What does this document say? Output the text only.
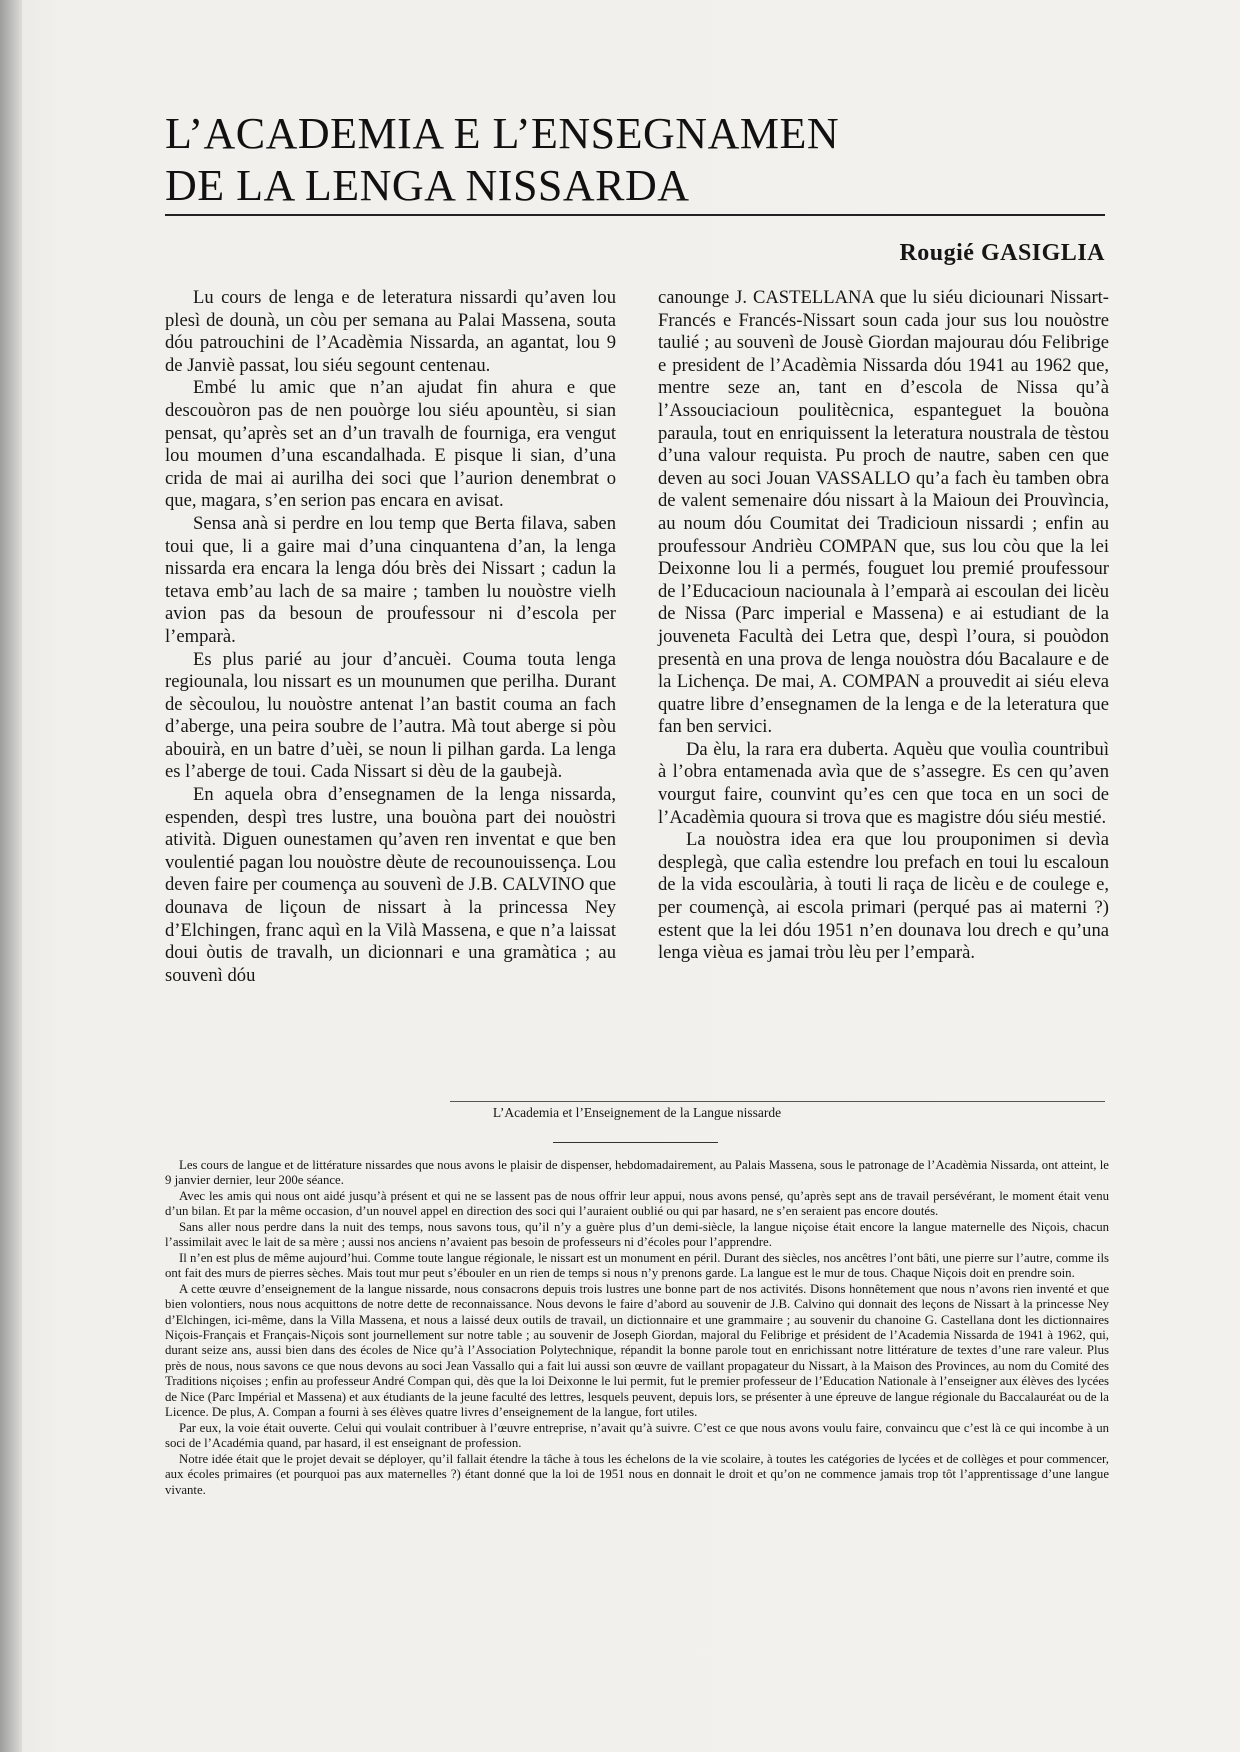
L’ACADEMIA E L’ENSEGNAMEN
DE LA LENGA NISSARDA
Rougié GASIGLIA

Lu cours de lenga e de leteratura nissardi qu’aven lou plesì de dounà, un còu per semana au Palai Massena, souta dóu patrouchini de l’Acadèmia Nissarda, an agantat, lou 9 de Janviè passat, lou siéu segount centenau.

Embé lu amic que n’an ajudat fin ahura e que descouòron pas de nen pouòrge lou siéu apountèu, si sian pensat, qu’après set an d’un travalh de fourniga, era vengut lou moumen d’una escandalhada. E pisque li sian, d’una crida de mai ai aurilha dei soci que l’aurion denembrat o que, magara, s’en serion pas encara en avisat.

Sensa anà si perdre en lou temp que Berta filava, saben toui que, li a gaire mai d’una cinquantena d’an, la lenga nissarda era encara la lenga dóu brès dei Nissart ; cadun la tetava emb’au lach de sa maire ; tamben lu nouòstre vielh avion pas da besoun de proufessour ni d’escola per l’emparà.

Es plus parié au jour d’ancuèi. Couma touta lenga regiounala, lou nissart es un mounumen que perilha. Durant de sècoulou, lu nouòstre antenat l’an bastit couma an fach d’aberge, una peira soubre de l’autra. Mà tout aberge si pòu abouirà, en un batre d’uèi, se noun li pilhan garda. La lenga es l’aberge de toui. Cada Nissart si dèu de la gaubejà.

En aquela obra d’ensegnamen de la lenga nissarda, espenden, despì tres lustre, una bouòna part dei nouòstri atività. Diguen ounestamen qu’aven ren inventat e que ben voulentié pagan lou nouòstre dèute de recounouissença. Lou deven faire per coumença au souvenì de J.B. CALVINO que dounava de liçoun de nissart à la princessa Ney d’Elchingen, franc aquì en la Vilà Massena, e que n’a laissat doui òutis de travalh, un dicionnari e una gramàtica ; au souvenì dóu

canounge J. CASTELLANA que lu siéu diciounari Nissart-Francés e Francés-Nissart soun cada jour sus lou nouòstre taulié ; au souvenì de Jousè Giordan majourau dóu Felibrige e president de l’Acadèmia Nissarda dóu 1941 au 1962 que, mentre seze an, tant en d’escola de Nissa qu’à l’Assouciacioun poulitècnica, espanteguet la bouòna paraula, tout en enriquissent la leteratura noustrala de tèstou d’una valour requista. Pu proch de nautre, saben cen que deven au soci Jouan VASSALLO qu’a fach èu tamben obra de valent semenaire dóu nissart à la Maioun dei Prouvìncia, au noum dóu Coumitat dei Tradicioun nissardi ; enfin au proufessour Andrièu COMPAN que, sus lou còu que la lei Deixonne lou li a permés, fouguet lou premié proufessour de l’Educacioun naciounala à l’emparà ai escoulan dei licèu de Nissa (Parc imperial e Massena) e ai estudiant de la jouveneta Facultà dei Letra que, despì l’oura, si pouòdon presentà en una prova de lenga nouòstra dóu Bacalaure e de la Lichença. De mai, A. COMPAN a prouvedit ai siéu eleva quatre libre d’ensegnamen de la lenga e de la leteratura que fan ben servici.

Da èlu, la rara era duberta. Aquèu que voulìa countribuì à l’obra entamenada avìa que de s’assegre. Es cen qu’aven vourgut faire, counvint qu’es cen que toca en un soci de l’Acadèmia quoura si trova que es magistre dóu siéu mestié.

La nouòstra idea era que lou prouponimen si devìa desplegà, que calìa estendre lou prefach en toui lu escaloun de la vida escoulària, à touti li raça de licèu e de coulege e, per coumençà, ai escola primari (perqué pas ai materni ?) estent que la lei dóu 1951 n’en dounava lou drech e qu’una lenga vièua es jamai tròu lèu per l’emparà.

L’Academia et l’Enseignement de la Langue nissarde

Les cours de langue et de littérature nissardes que nous avons le plaisir de dispenser, hebdomadairement, au Palais Massena, sous le patronage de l’Acadèmia Nissarda, ont atteint, le 9 janvier dernier, leur 200e séance.

Avec les amis qui nous ont aidé jusqu’à présent et qui ne se lassent pas de nous offrir leur appui, nous avons pensé, qu’après sept ans de travail persévérant, le moment était venu d’un bilan. Et par la même occasion, d’un nouvel appel en direction des soci qui l’auraient oublié ou qui par hasard, ne s’en seraient pas encore doutés.

Sans aller nous perdre dans la nuit des temps, nous savons tous, qu’il n’y a guère plus d’un demi-siècle, la langue niçoise était encore la langue maternelle des Niçois, chacun l’assimilait avec le lait de sa mère ; aussi nos anciens n’avaient pas besoin de professeurs ni d’écoles pour l’apprendre.

Il n’en est plus de même aujourd’hui. Comme toute langue régionale, le nissart est un monument en péril. Durant des siècles, nos ancêtres l’ont bâti, une pierre sur l’autre, comme ils ont fait des murs de pierres sèches. Mais tout mur peut s’ébouler en un rien de temps si nous n’y prenons garde. La langue est le mur de tous. Chaque Niçois doit en prendre soin.

A cette œuvre d’enseignement de la langue nissarde, nous consacrons depuis trois lustres une bonne part de nos activités. Disons honnêtement que nous n’avons rien inventé et que bien volontiers, nous nous acquittons de notre dette de reconnaissance. Nous devons le faire d’abord au souvenir de J.B. Calvino qui donnait des leçons de Nissart à la princesse Ney d’Elchingen, ici-même, dans la Villa Massena, et nous a laissé deux outils de travail, un dictionnaire et une grammaire ; au souvenir du chanoine G. Castellana dont les dictionnaires Niçois-Français et Français-Niçois sont journellement sur notre table ; au souvenir de Joseph Giordan, majoral du Felibrige et président de l’Academia Nissarda de 1941 à 1962, qui, durant seize ans, aussi bien dans des écoles de Nice qu’à l’Association Polytechnique, répandit la bonne parole tout en enrichissant notre littérature de textes d’une rare valeur. Plus près de nous, nous savons ce que nous devons au soci Jean Vassallo qui a fait lui aussi son œuvre de vaillant propagateur du Nissart, à la Maison des Provinces, au nom du Comité des Traditions niçoises ; enfin au professeur André Compan qui, dès que la loi Deixonne le lui permit, fut le premier professeur de l’Education Nationale à l’enseigner aux élèves des lycées de Nice (Parc Impérial et Massena) et aux étudiants de la jeune faculté des lettres, lesquels peuvent, depuis lors, se présenter à une épreuve de langue régionale du Baccalauréat ou de la Licence. De plus, A. Compan a fourni à ses élèves quatre livres d’enseignement de la langue, fort utiles.

Par eux, la voie était ouverte. Celui qui voulait contribuer à l’œuvre entreprise, n’avait qu’à suivre. C’est ce que nous avons voulu faire, convaincu que c’est là ce qui incombe à un soci de l’Académia quand, par hasard, il est enseignant de profession.

Notre idée était que le projet devait se déployer, qu’il fallait étendre la tâche à tous les échelons de la vie scolaire, à toutes les catégories de lycées et de collèges et pour commencer, aux écoles primaires (et pourquoi pas aux maternelles ?) étant donné que la loi de 1951 nous en donnait le droit et qu’on ne commence jamais trop tôt l’apprentissage d’une langue vivante.
